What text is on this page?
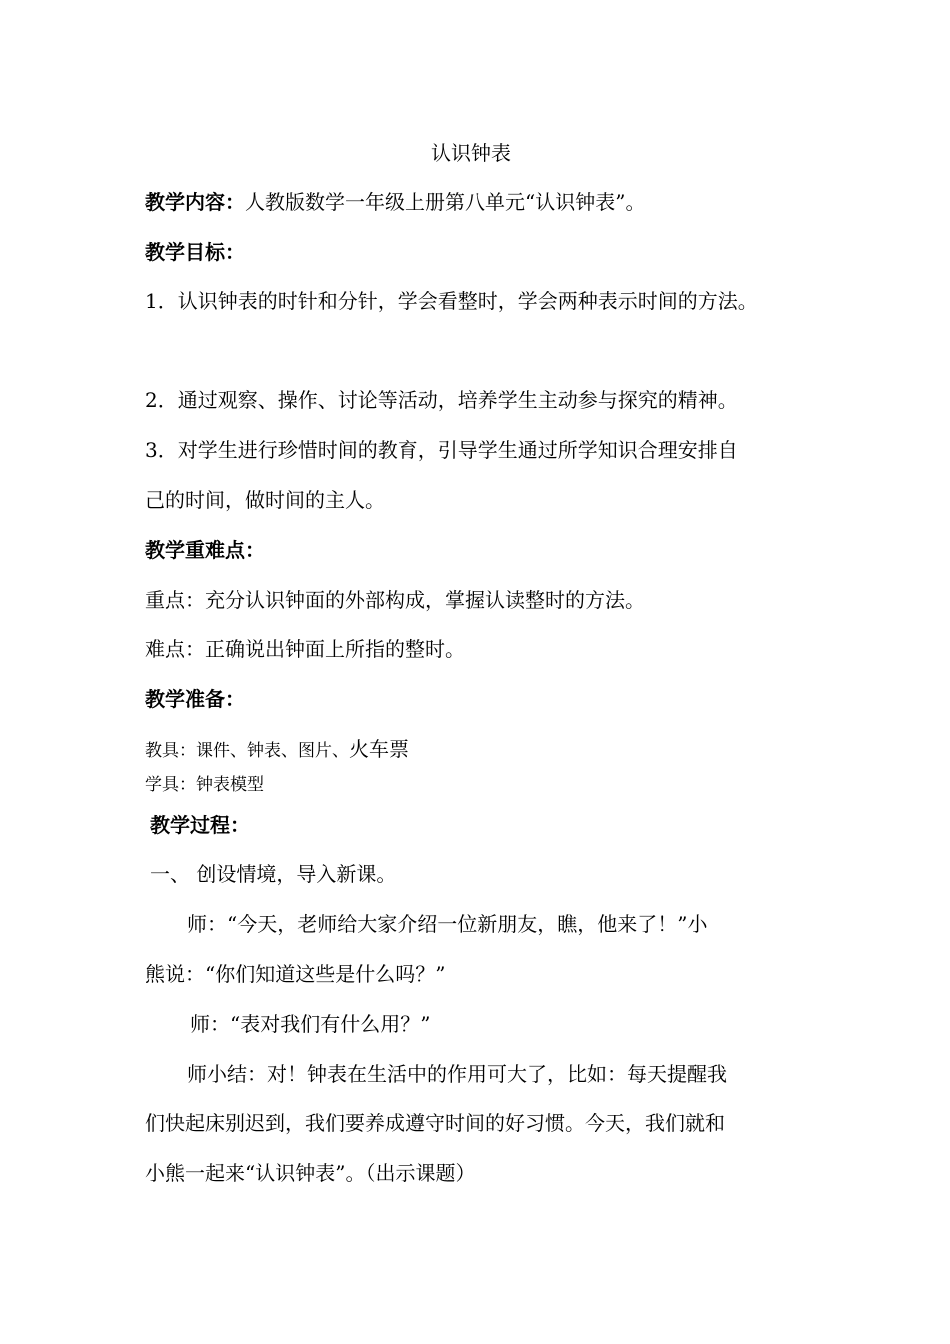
认识钟表
教学内容：人教版数学一年级上册第八单元“认识钟表”。
教学目标：
1．认识钟表的时针和分针，学会看整时，学会两种表示时间的方法。
2．通过观察、操作、讨论等活动，培养学生主动参与探究的精神。
3．对学生进行珍惜时间的教育，引导学生通过所学知识合理安排自
己的时间，做时间的主人。
教学重难点：
重点：充分认识钟面的外部构成，掌握认读整时的方法。
难点：正确说出钟面上所指的整时。
教学准备：
教具：课件、钟表、图片、火车票
学具：钟表模型
教学过程：
一、 创设情境，导入新课。
师：“今天，老师给大家介绍一位新朋友，瞧，他来了！”小
熊说：“你们知道这些是什么吗？”
师：“表对我们有什么用？”
师小结：对！钟表在生活中的作用可大了，比如：每天提醒我
们快起床别迟到，我们要养成遵守时间的好习惯。今天，我们就和
小熊一起来“认识钟表”。（出示课题）
